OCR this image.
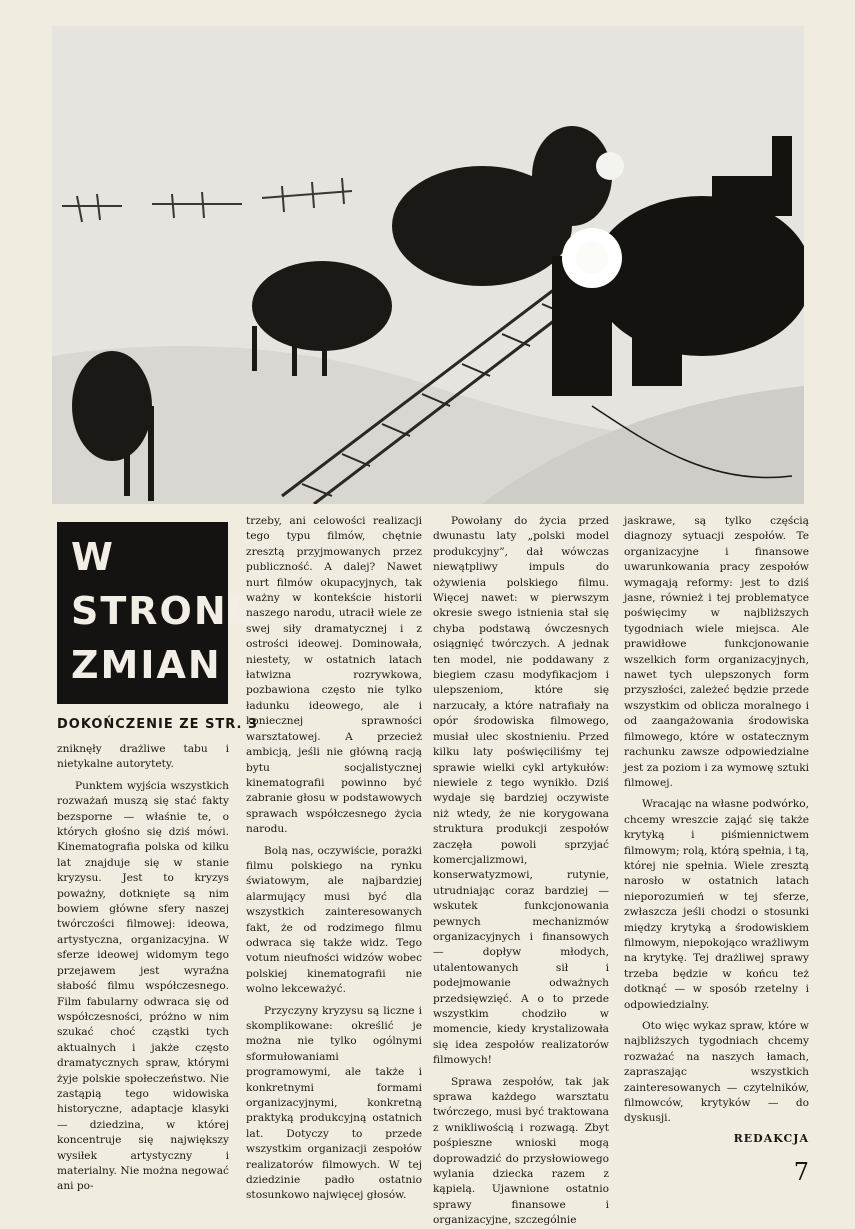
W
STRONĘ
ZMIAN
DOKOŃCZENIE ZE STR. 3

zniknęły drażliwe tabu i nietykalne autorytety.

Punktem wyjścia wszystkich rozważań muszą się stać fakty bezsporne — właśnie te, o których głośno się dziś mówi. Kinematografia polska od kilku lat znajduje się w stanie kryzysu. Jest to kryzys poważny, dotknięte są nim bowiem główne sfery naszej twórczości filmowej: ideowa, artystyczna, organizacyjna. W sferze ideowej widomym tego przejawem jest wyraźna słabość filmu współczesnego. Film fabularny odwraca się od współczesności, próżno w nim szukać choć cząstki tych aktualnych i jakże często dramatycznych spraw, którymi żyje polskie społeczeństwo. Nie zastąpią tego widowiska historyczne, adaptacje klasyki — dziedzina, w której koncentruje się największy wysiłek artystyczny i materialny. Nie można negować ani po-

trzeby, ani celowości realizacji tego typu filmów, chętnie zresztą przyjmowanych przez publiczność. A dalej? Nawet nurt filmów okupacyjnych, tak ważny w kontekście historii naszego narodu, utracił wiele ze swej siły dramatycznej i z ostrości ideowej. Dominowała, niestety, w ostatnich latach łatwizna rozrywkowa, pozbawiona często nie tylko ładunku ideowego, ale i koniecznej sprawności warsztatowej. A przecież ambicją, jeśli nie główną racją bytu socjalistycznej kinematografii powinno być zabranie głosu w podstawowych sprawach współczesnego życia narodu.

Bolą nas, oczywiście, porażki filmu polskiego na rynku światowym, ale najbardziej alarmujący musi być dla wszystkich zainteresowanych fakt, że od rodzimego filmu odwraca się także widz. Tego votum nieufności widzów wobec polskiej kinematografii nie wolno lekceważyć.

Przyczyny kryzysu są liczne i skomplikowane: określić je można nie tylko ogólnymi sformułowaniami programowymi, ale także i konkretnymi formami organizacyjnymi, konkretną praktyką produkcyjną ostatnich lat. Dotyczy to przede wszystkim organizacji zespołów realizatorów filmowych. W tej dziedzinie padło ostatnio stosunkowo najwięcej głosów.

Powołany do życia przed dwunastu laty „polski model produkcyjny”, dał wówczas niewątpliwy impuls do ożywienia polskiego filmu. Więcej nawet: w pierwszym okresie swego istnienia stał się chyba podstawą ówczesnych osiągnięć twórczych. A jednak ten model, nie poddawany z biegiem czasu modyfikacjom i ulepszeniom, które się narzucały, a które natrafiały na opór środowiska filmowego, musiał ulec skostnieniu. Przed kilku laty poświęciliśmy tej sprawie wielki cykl artykułów: niewiele z tego wynikło. Dziś wydaje się bardziej oczywiste niż wtedy, że nie korygowana struktura produkcji zespołów zaczęła powoli sprzyjać komercjalizmowi, konserwatyzmowi, rutynie, utrudniając coraz bardziej — wskutek funkcjonowania pewnych mechanizmów organizacyjnych i finansowych — dopływ młodych, utalentowanych sił i podejmowanie odważnych przedsięwzięć. A o to przede wszystkim chodziło w momencie, kiedy krystalizowała się idea zespołów realizatorów filmowych!

Sprawa zespołów, tak jak sprawa każdego warsztatu twórczego, musi być traktowana z wnikliwością i rozwagą. Zbyt pośpieszne wnioski mogą doprowadzić do przysłowiowego wylania dziecka razem z kąpielą. Ujawnione ostatnio sprawy finansowe i organizacyjne, szczególnie

jaskrawe, są tylko częścią diagnozy sytuacji zespołów. Te organizacyjne i finansowe uwarunkowania pracy zespołów wymagają reformy: jest to dziś jasne, również i tej problematyce poświęcimy w najbliższych tygodniach wiele miejsca. Ale prawidłowe funkcjonowanie wszelkich form organizacyjnych, nawet tych ulepszonych form przyszłości, zależeć będzie przede wszystkim od oblicza moralnego i od zaangażowania środowiska filmowego, które w ostatecznym rachunku zawsze odpowiedzialne jest za poziom i za wymowę sztuki filmowej.

Wracając na własne podwórko, chcemy wreszcie zająć się także krytyką i piśmiennictwem filmowym; rolą, którą spełnia, i tą, której nie spełnia. Wiele zresztą narosło w ostatnich latach nieporozumień w tej sferze, zwłaszcza jeśli chodzi o stosunki między krytyką a środowiskiem filmowym, niepokojąco wrażliwym na krytykę. Tej drażliwej sprawy trzeba będzie w końcu też dotknąć — w sposób rzetelny i odpowiedzialny.

Oto więc wykaz spraw, które w najbliższych tygodniach chcemy rozważać na naszych łamach, zapraszając wszystkich zainteresowanych — czytelników, filmowców, krytyków — do dyskusji.

REDAKCJA
7
